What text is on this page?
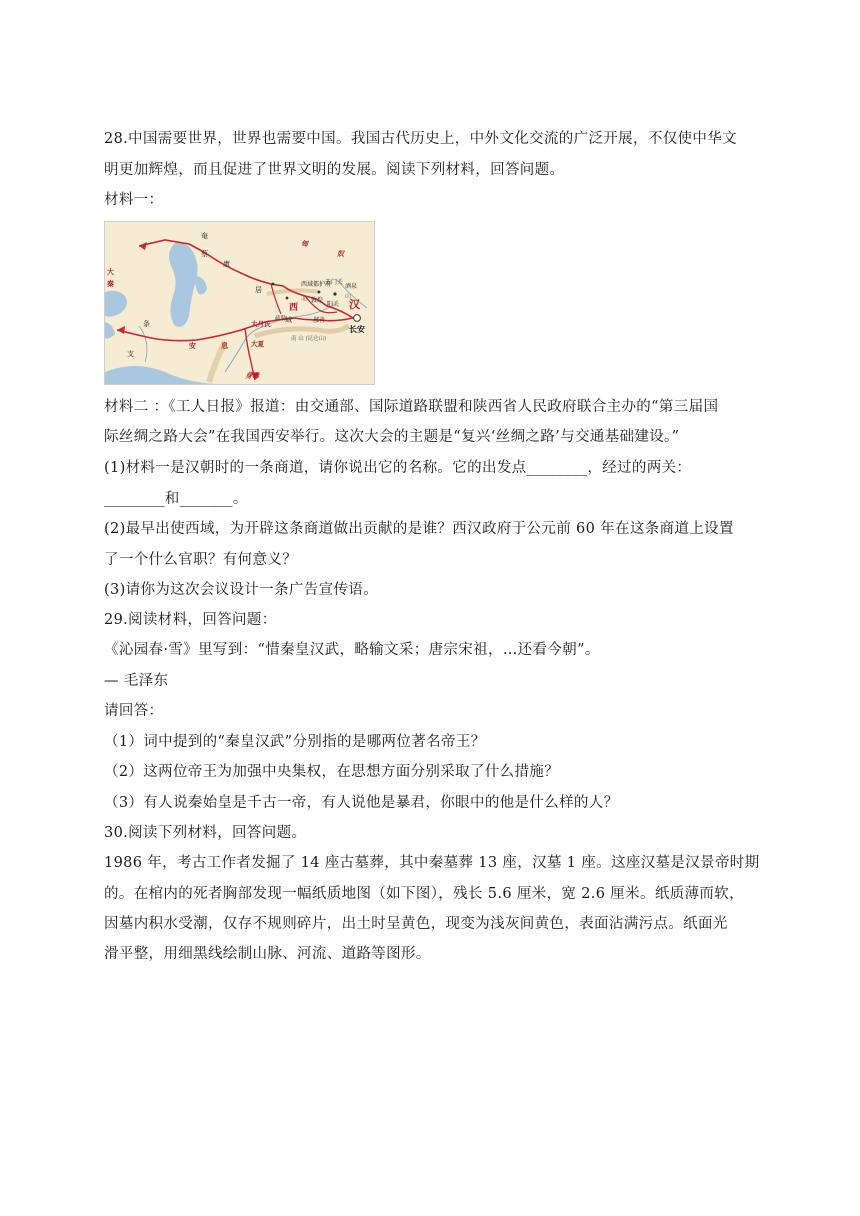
28.中国需要世界，世界也需要中国。我国古代历史上，中外文化交流的广泛开展，不仅使中华文
明更加辉煌，而且促进了世界文明的发展。阅读下列材料，回答问题。
材料一：
奄
蔡
匈
奴
康
居
西域都护府
北	山
玉门关
酒泉
敦煌
阳关
西
域	鄯善
汉
长安
大
秦
条
支
安	息
大月氏
大夏
南 山 (昆仑山)
疏勒
身毒
材料二 ：《工人日报》报道：由交通部、国际道路联盟和陕西省人民政府联合主办的“第三届国
际丝绸之路大会”在我国西安举行。这次大会的主题是“复兴‘丝绸之路’与交通基础建设。”
(1)材料一是汉朝时的一条商道，请你说出它的名称。它的出发点________，经过的两关：
________和_______。
(2)最早出使西域，为开辟这条商道做出贡献的是谁？西汉政府于公元前 60 年在这条商道上设置
了一个什么官职？有何意义？
(3)请你为这次会议设计一条广告宣传语。
29.阅读材料，回答问题：
《沁园春·雪》里写到：“惜秦皇汉武，略输文采；唐宗宋祖，…还看今朝”。
— 毛泽东
请回答：
（1）词中提到的“秦皇汉武”分别指的是哪两位著名帝王？
（2）这两位帝王为加强中央集权，在思想方面分别采取了什么措施？
（3）有人说秦始皇是千古一帝，有人说他是暴君，你眼中的他是什么样的人？
30.阅读下列材料，回答问题。
1986 年，考古工作者发掘了 14 座古墓葬，其中秦墓葬 13 座，汉墓 1 座。这座汉墓是汉景帝时期
的。在棺内的死者胸部发现一幅纸质地图（如下图），残长 5.6 厘米，宽 2.6 厘米。纸质薄而软，
因墓内积水受潮，仅存不规则碎片，出土时呈黄色，现变为浅灰间黄色，表面沾满污点。纸面光
滑平整，用细黑线绘制山脉、河流、道路等图形。
